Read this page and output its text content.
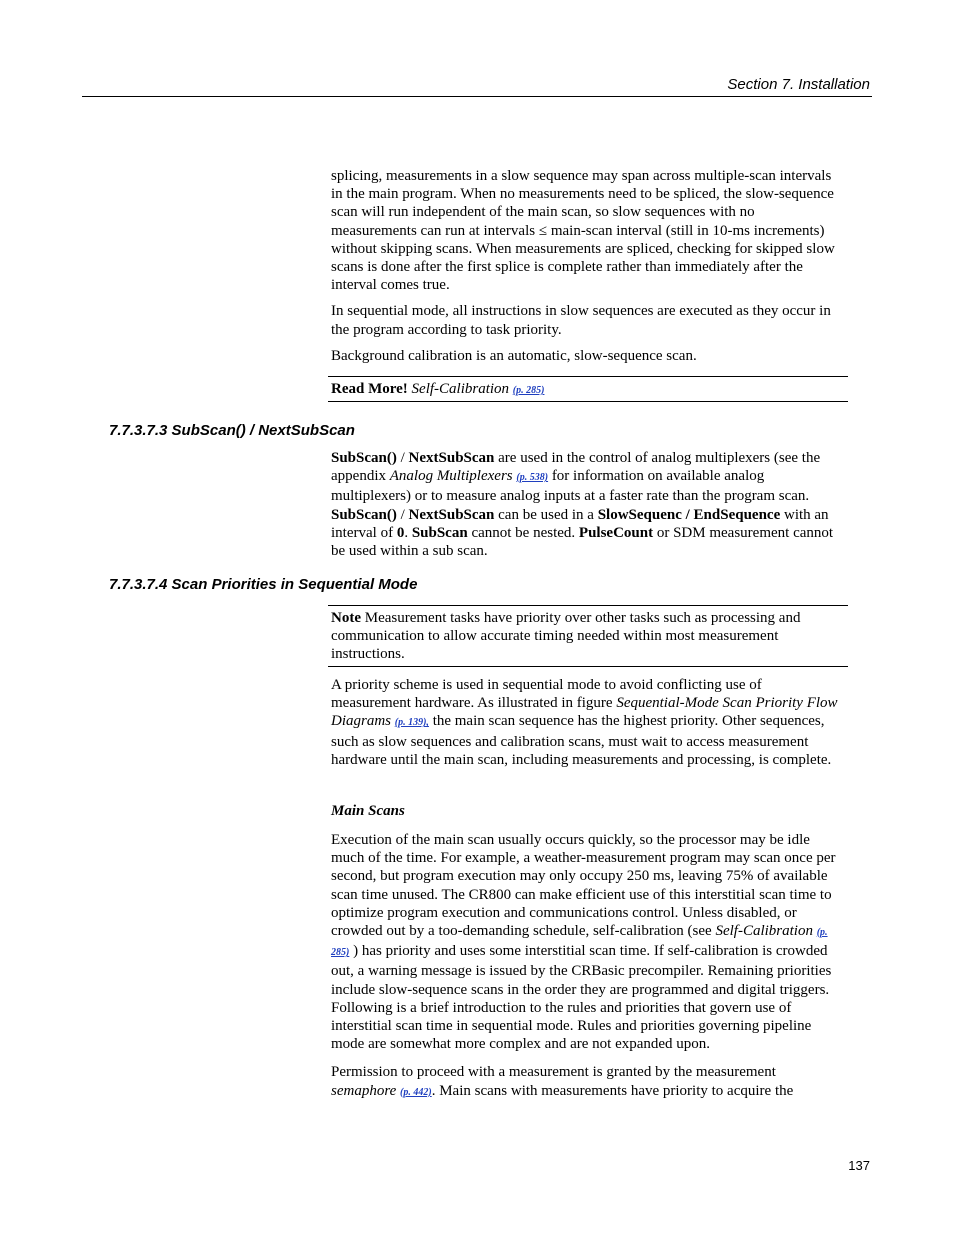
Section 7. Installation

splicing, measurements in a slow sequence may span across multiple-scan intervals in the main program. When no measurements need to be spliced, the slow-sequence scan will run independent of the main scan, so slow sequences with no measurements can run at intervals ≤ main-scan interval (still in 10-ms increments) without skipping scans. When measurements are spliced, checking for skipped slow scans is done after the first splice is complete rather than immediately after the interval comes true.

In sequential mode, all instructions in slow sequences are executed as they occur in the program according to task priority.

Background calibration is an automatic, slow-sequence scan.

Read More! Self-Calibration (p. 285)
7.7.3.7.3 SubScan() / NextSubScan

SubScan() / NextSubScan are used in the control of analog multiplexers (see the appendix Analog Multiplexers (p. 538) for information on available analog multiplexers) or to measure analog inputs at a faster rate than the program scan. SubScan() / NextSubScan can be used in a SlowSequenc / EndSequence with an interval of 0. SubScan cannot be nested. PulseCount or SDM measurement cannot be used within a sub scan.

7.7.3.7.4 Scan Priorities in Sequential Mode

Note Measurement tasks have priority over other tasks such as processing and communication to allow accurate timing needed within most measurement instructions.

A priority scheme is used in sequential mode to avoid conflicting use of measurement hardware. As illustrated in figure Sequential-Mode Scan Priority Flow Diagrams (p. 139), the main scan sequence has the highest priority. Other sequences, such as slow sequences and calibration scans, must wait to access measurement hardware until the main scan, including measurements and processing, is complete.

Main Scans

Execution of the main scan usually occurs quickly, so the processor may be idle much of the time. For example, a weather-measurement program may scan once per second, but program execution may only occupy 250 ms, leaving 75% of available scan time unused. The CR800 can make efficient use of this interstitial scan time to optimize program execution and communications control. Unless disabled, or crowded out by a too-demanding schedule, self-calibration (see Self-Calibration (p. 285) ) has priority and uses some interstitial scan time. If self-calibration is crowded out, a warning message is issued by the CRBasic precompiler. Remaining priorities include slow-sequence scans in the order they are programmed and digital triggers. Following is a brief introduction to the rules and priorities that govern use of interstitial scan time in sequential mode. Rules and priorities governing pipeline mode are somewhat more complex and are not expanded upon.

Permission to proceed with a measurement is granted by the measurement semaphore (p. 442). Main scans with measurements have priority to acquire the

137
